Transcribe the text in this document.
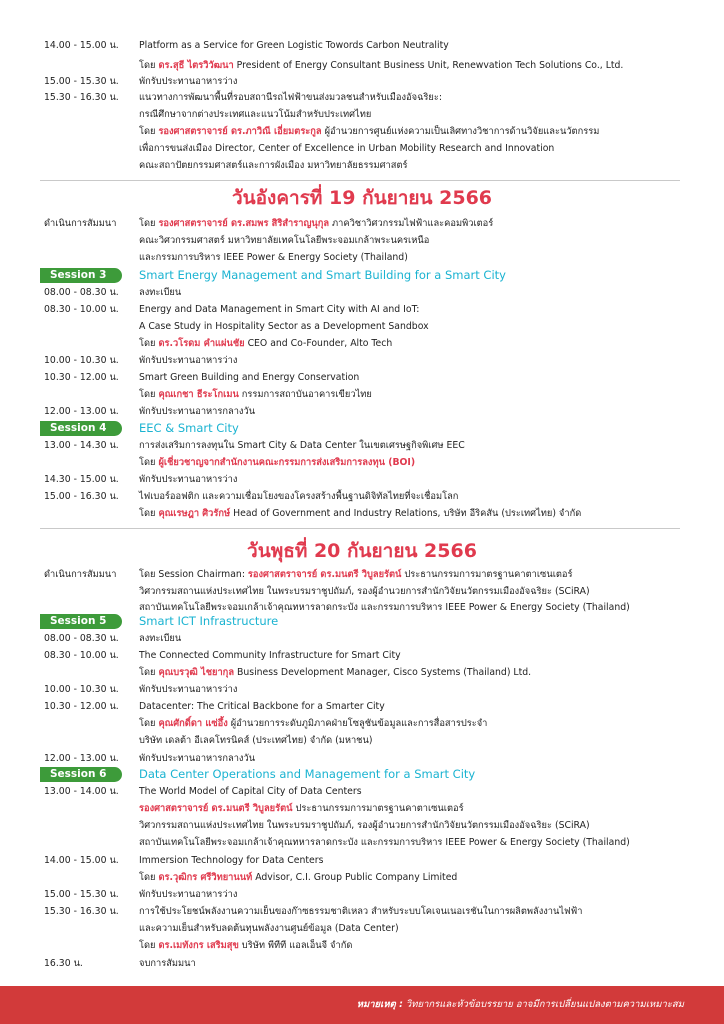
14.00 - 15.00 น. Platform as a Service for Green Logistic Towords Carbon Neutrality
โดย ดร.สุธี ไตรวิวัฒนา President of Energy Consultant Business Unit, Renewvation Tech Solutions Co., Ltd.
15.00 - 15.30 น. พักรับประทานอาหารว่าง
15.30 - 16.30 น. แนวทางการพัฒนาพื้นที่รอบสถานีรถไฟฟ้าขนส่งมวลชนสำหรับเมืองอัจฉริยะ:
กรณีศึกษาจากต่างประเทศและแนวโน้มสำหรับประเทศไทย
โดย รองศาสตราจารย์ ดร.ภาวิณี เอี่ยมตระกูล ผู้อำนวยการศูนย์แห่งความเป็นเลิศทางวิชาการด้านวิจัยและนวัตกรรม
เพื่อการขนส่งเมือง Director, Center of Excellence in Urban Mobility Research and Innovation
คณะสถาปัตยกรรมศาสตร์และการผังเมือง มหาวิทยาลัยธรรมศาสตร์
วันอังคารที่ 19 กันยายน 2566
ดำเนินการสัมมนา โดย รองศาสตราจารย์ ดร.สมพร สิริสำราญนุกุล ภาควิชาวิศวกรรมไฟฟ้าและคอมพิวเตอร์
คณะวิศวกรรมศาสตร์ มหาวิทยาลัยเทคโนโลยีพระจอมเกล้าพระนครเหนือ
และกรรมการบริหาร IEEE Power & Energy Society (Thailand)
Session 3	Smart Energy Management and Smart Building for a Smart City
08.00 - 08.30 น. ลงทะเบียน
08.30 - 10.00 น. Energy and Data Management in Smart City with AI and IoT:
A Case Study in Hospitality Sector as a Development Sandbox
โดย ดร.วโรดม คำแผ่นชัย CEO and Co-Founder, Alto Tech
10.00 - 10.30 น. พักรับประทานอาหารว่าง
10.30 - 12.00 น. Smart Green Building and Energy Conservation
โดย คุณเกชา ธีระโกเมน กรรมการสถาบันอาคารเขียวไทย
12.00 - 13.00 น. พักรับประทานอาหารกลางวัน
Session 4	EEC & Smart City
13.00 - 14.30 น. การส่งเสริมการลงทุนใน Smart City & Data Center ในเขตเศรษฐกิจพิเศษ EEC
โดย ผู้เชี่ยวชาญจากสำนักงานคณะกรรมการส่งเสริมการลงทุน (BOI)
14.30 - 15.00 น. พักรับประทานอาหารว่าง
15.00 - 16.30 น. ไฟเบอร์ออฟติก และความเชื่อมโยงของโครงสร้างพื้นฐานดิจิทัลไทยที่จะเชื่อมโลก
โดย คุณเรษฎา ศิวรักษ์ Head of Government and Industry Relations, บริษัท อีริคสัน (ประเทศไทย) จำกัด
วันพุธที่ 20 กันยายน 2566
ดำเนินการสัมมนา โดย Session Chairman: รองศาสตราจารย์ ดร.มนตรี วิบูลยรัตน์ ประธานกรรมการมาตรฐานคาตาเซนเตอร์
วิศวกรรมสถานแห่งประเทศไทย ในพระบรมราชูปถัมภ์, รองผู้อำนวยการสำนักวิจัยนวัตกรรมเมืองอัจฉริยะ (SCiRA)
สถาบันเทคโนโลยีพระจอมเกล้าเจ้าคุณทหารลาดกระบัง และกรรมการบริหาร IEEE Power & Energy Society (Thailand)
Session 5	Smart ICT Infrastructure
08.00 - 08.30 น. ลงทะเบียน
08.30 - 10.00 น. The Connected Community Infrastructure for Smart City
โดย คุณบรวุฒิ ไชยากุล Business Development Manager, Cisco Systems (Thailand) Ltd.
10.00 - 10.30 น. พักรับประทานอาหารว่าง
10.30 - 12.00 น. Datacenter: The Critical Backbone for a Smarter City
โดย คุณศักดิ์ดา แซ่อึ้ง ผู้อำนวยการระดับภูมิภาคฝ่ายโซลูชันข้อมูลและการสื่อสารประจำ
บริษัท เดลต้า อีเลคโทรนิคส์ (ประเทศไทย) จำกัด (มหาชน)
12.00 - 13.00 น. พักรับประทานอาหารกลางวัน
Session 6	Data Center Operations and Management for a Smart City
13.00 - 14.00 น. The World Model of Capital City of Data Centers
รองศาสตราจารย์ ดร.มนตรี วิบูลยรัตน์ ประธานกรรมการมาตรฐานคาตาเซนเตอร์
วิศวกรรมสถานแห่งประเทศไทย ในพระบรมราชูปถัมภ์, รองผู้อำนวยการสำนักวิจัยนวัตกรรมเมืองอัจฉริยะ (SCiRA)
สถาบันเทคโนโลยีพระจอมเกล้าเจ้าคุณทหารลาดกระบัง และกรรมการบริหาร IEEE Power & Energy Society (Thailand)
14.00 - 15.00 น. Immersion Technology for Data Centers
โดย ดร.วุฒิกร ศรีวิทยานนท์ Advisor, C.I. Group Public Company Limited
15.00 - 15.30 น. พักรับประทานอาหารว่าง
15.30 - 16.30 น. การใช้ประโยชน์พลังงานความเย็นของก๊าซธรรมชาติเหลว สำหรับระบบโคเจนเนอเรชันในการผลิตพลังงานไฟฟ้า
และความเย็นสำหรับลดต้นทุนพลังงานศูนย์ข้อมูล (Data Center)
โดย ดร.เมทังกร เสริมสุข บริษัท พีทีที แอลเอ็นจี จำกัด
16.30 น.	จบการสัมมนา
หมายเหตุ : วิทยากรและหัวข้อบรรยาย อาจมีการเปลี่ยนแปลงตามความเหมาะสม
